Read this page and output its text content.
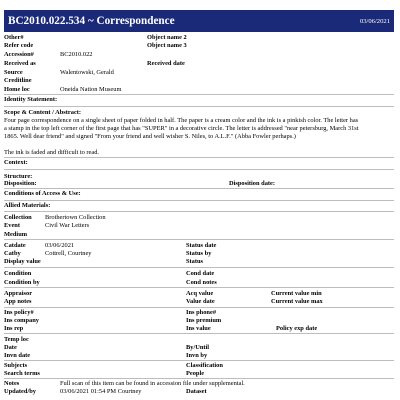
BC2010.022.534 ~ Correspondence	03/06/2021
Other#	Object name 2
Refer code	Object name 3
Accession#	BC2010.022
Received as	Received date
Source	Walentowski, Gerald
Creditline
Home loc	Oneida Nation Museum
Identity Statement:
Scope & Content / Abstract:
Four page correspondence on a single sheet of paper folded in half. The paper is a cream color and the ink is a pinkish color. The letter has
a stamp in the top left corner of the first page that has "SUPER" in a decorative circle. The letter is addressed "near petersburg, March 31st
1865. Well dear friend" and signed "From your friend and well wisher S. Niles, to A.L.F." (Abba Fowler perhaps.)
The ink is faded and difficult to read.
Context:
Structure:
Disposition:	Disposition date:
Conditions of Access & Use:
Allied Materials:
Collection Brothertown Collection
Event	Civil War Letters
Medium
Catdate	03/06/2021	Status date
Catby	Cottrell, Courtney	Status by
Display value	Status
Condition	Cond date
Condition by	Cond notes
Appraisor	Acq value	Current value min
App notes	Value date	Current value max
Ins policy#	Ins phone#
Ins company	Ins premium
Ins rep	Ins value	Policy exp date
Temp loc
Date	By/Until
Invn date	Invn by
Subjects	Classification
Search terms	People
Notes	Full scan of this item can be found in accession file under supplemental.
Updated/by	03/06/2021 01:54 PM Courtney	Dataset
